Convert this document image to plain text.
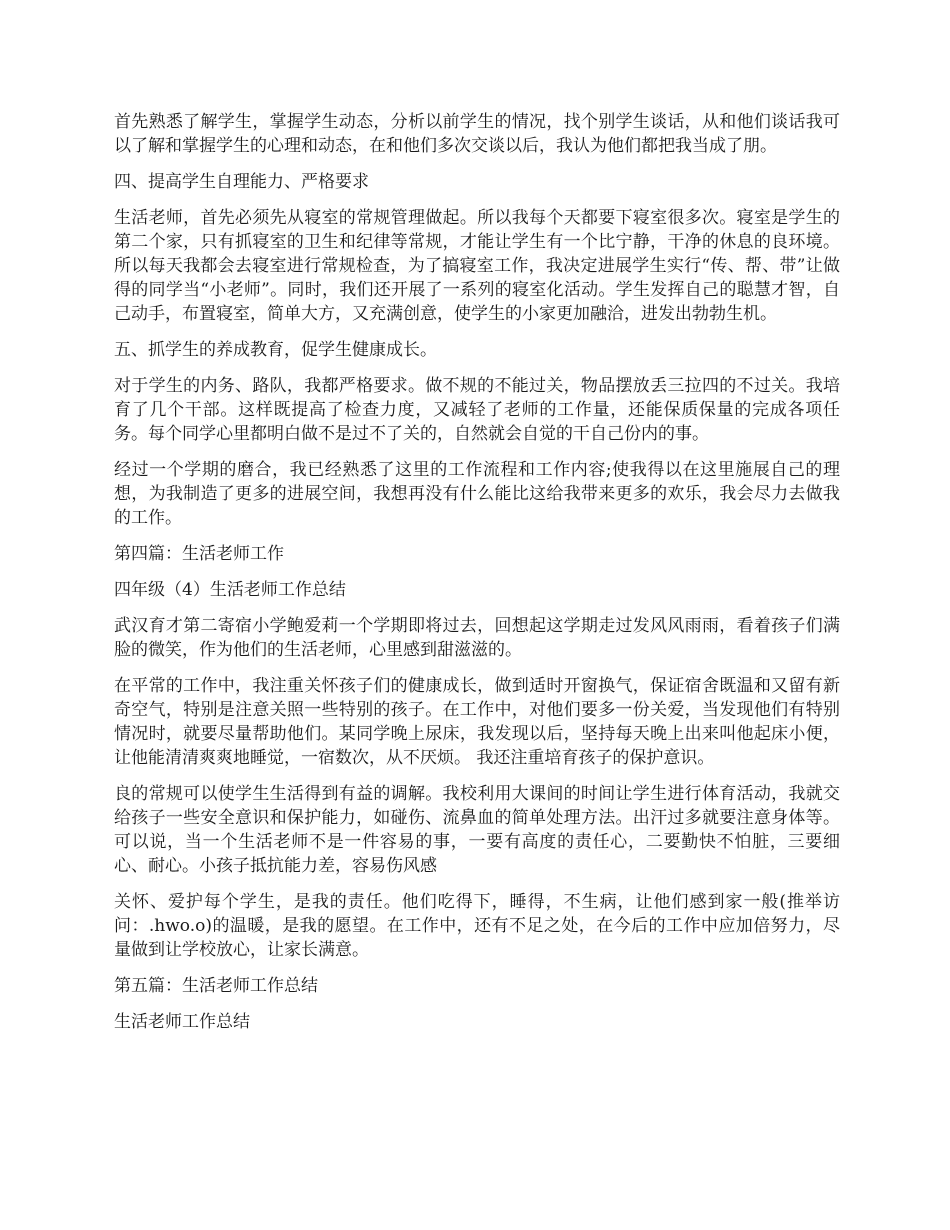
首先熟悉了解学生，掌握学生动态，分析以前学生的情况，找个别学生谈话，从和他们谈话我可以了解和掌握学生的心理和动态，在和他们多次交谈以后，我认为他们都把我当成了朋。

四、提高学生自理能力、严格要求

生活老师，首先必须先从寝室的常规管理做起。所以我每个天都要下寝室很多次。寝室是学生的第二个家，只有抓寝室的卫生和纪律等常规，才能让学生有一个比宁静，干净的休息的良环境。所以每天我都会去寝室进行常规检查，为了搞寝室工作，我决定进展学生实行“传、帮、带”让做得的同学当“小老师”。同时，我们还开展了一系列的寝室化活动。学生发挥自己的聪慧才智，自己动手，布置寝室，简单大方，又充满创意，使学生的小家更加融洽，进发出勃勃生机。

五、抓学生的养成教育，促学生健康成长。

对于学生的内务、路队，我都严格要求。做不规的不能过关，物品摆放丢三拉四的不过关。我培育了几个干部。这样既提高了检查力度，又减轻了老师的工作量，还能保质保量的完成各项任务。每个同学心里都明白做不是过不了关的，自然就会自觉的干自己份内的事。

经过一个学期的磨合，我已经熟悉了这里的工作流程和工作内容;使我得以在这里施展自己的理想，为我制造了更多的进展空间，我想再没有什么能比这给我带来更多的欢乐，我会尽力去做我的工作。

第四篇：生活老师工作

四年级（4）生活老师工作总结

武汉育才第二寄宿小学鲍爱莉一个学期即将过去，回想起这学期走过发风风雨雨，看着孩子们满脸的微笑，作为他们的生活老师，心里感到甜滋滋的。

在平常的工作中，我注重关怀孩子们的健康成长，做到适时开窗换气，保证宿舍既温和又留有新奇空气，特别是注意关照一些特别的孩子。在工作中，对他们要多一份关爱，当发现他们有特别情况时，就要尽量帮助他们。某同学晚上尿床，我发现以后，坚持每天晚上出来叫他起床小便，让他能清清爽爽地睡觉，一宿数次，从不厌烦。 我还注重培育孩子的保护意识。

良的常规可以使学生生活得到有益的调解。我校利用大课间的时间让学生进行体育活动，我就交给孩子一些安全意识和保护能力，如碰伤、流鼻血的简单处理方法。出汗过多就要注意身体等。可以说，当一个生活老师不是一件容易的事，一要有高度的责任心，二要勤快不怕脏，三要细心、耐心。小孩子抵抗能力差，容易伤风感

关怀、爱护每个学生，是我的责任。他们吃得下，睡得，不生病，让他们感到家一般(推举访问：.hwo.o)的温暖，是我的愿望。在工作中，还有不足之处，在今后的工作中应加倍努力，尽量做到让学校放心，让家长满意。

第五篇：生活老师工作总结

生活老师工作总结
